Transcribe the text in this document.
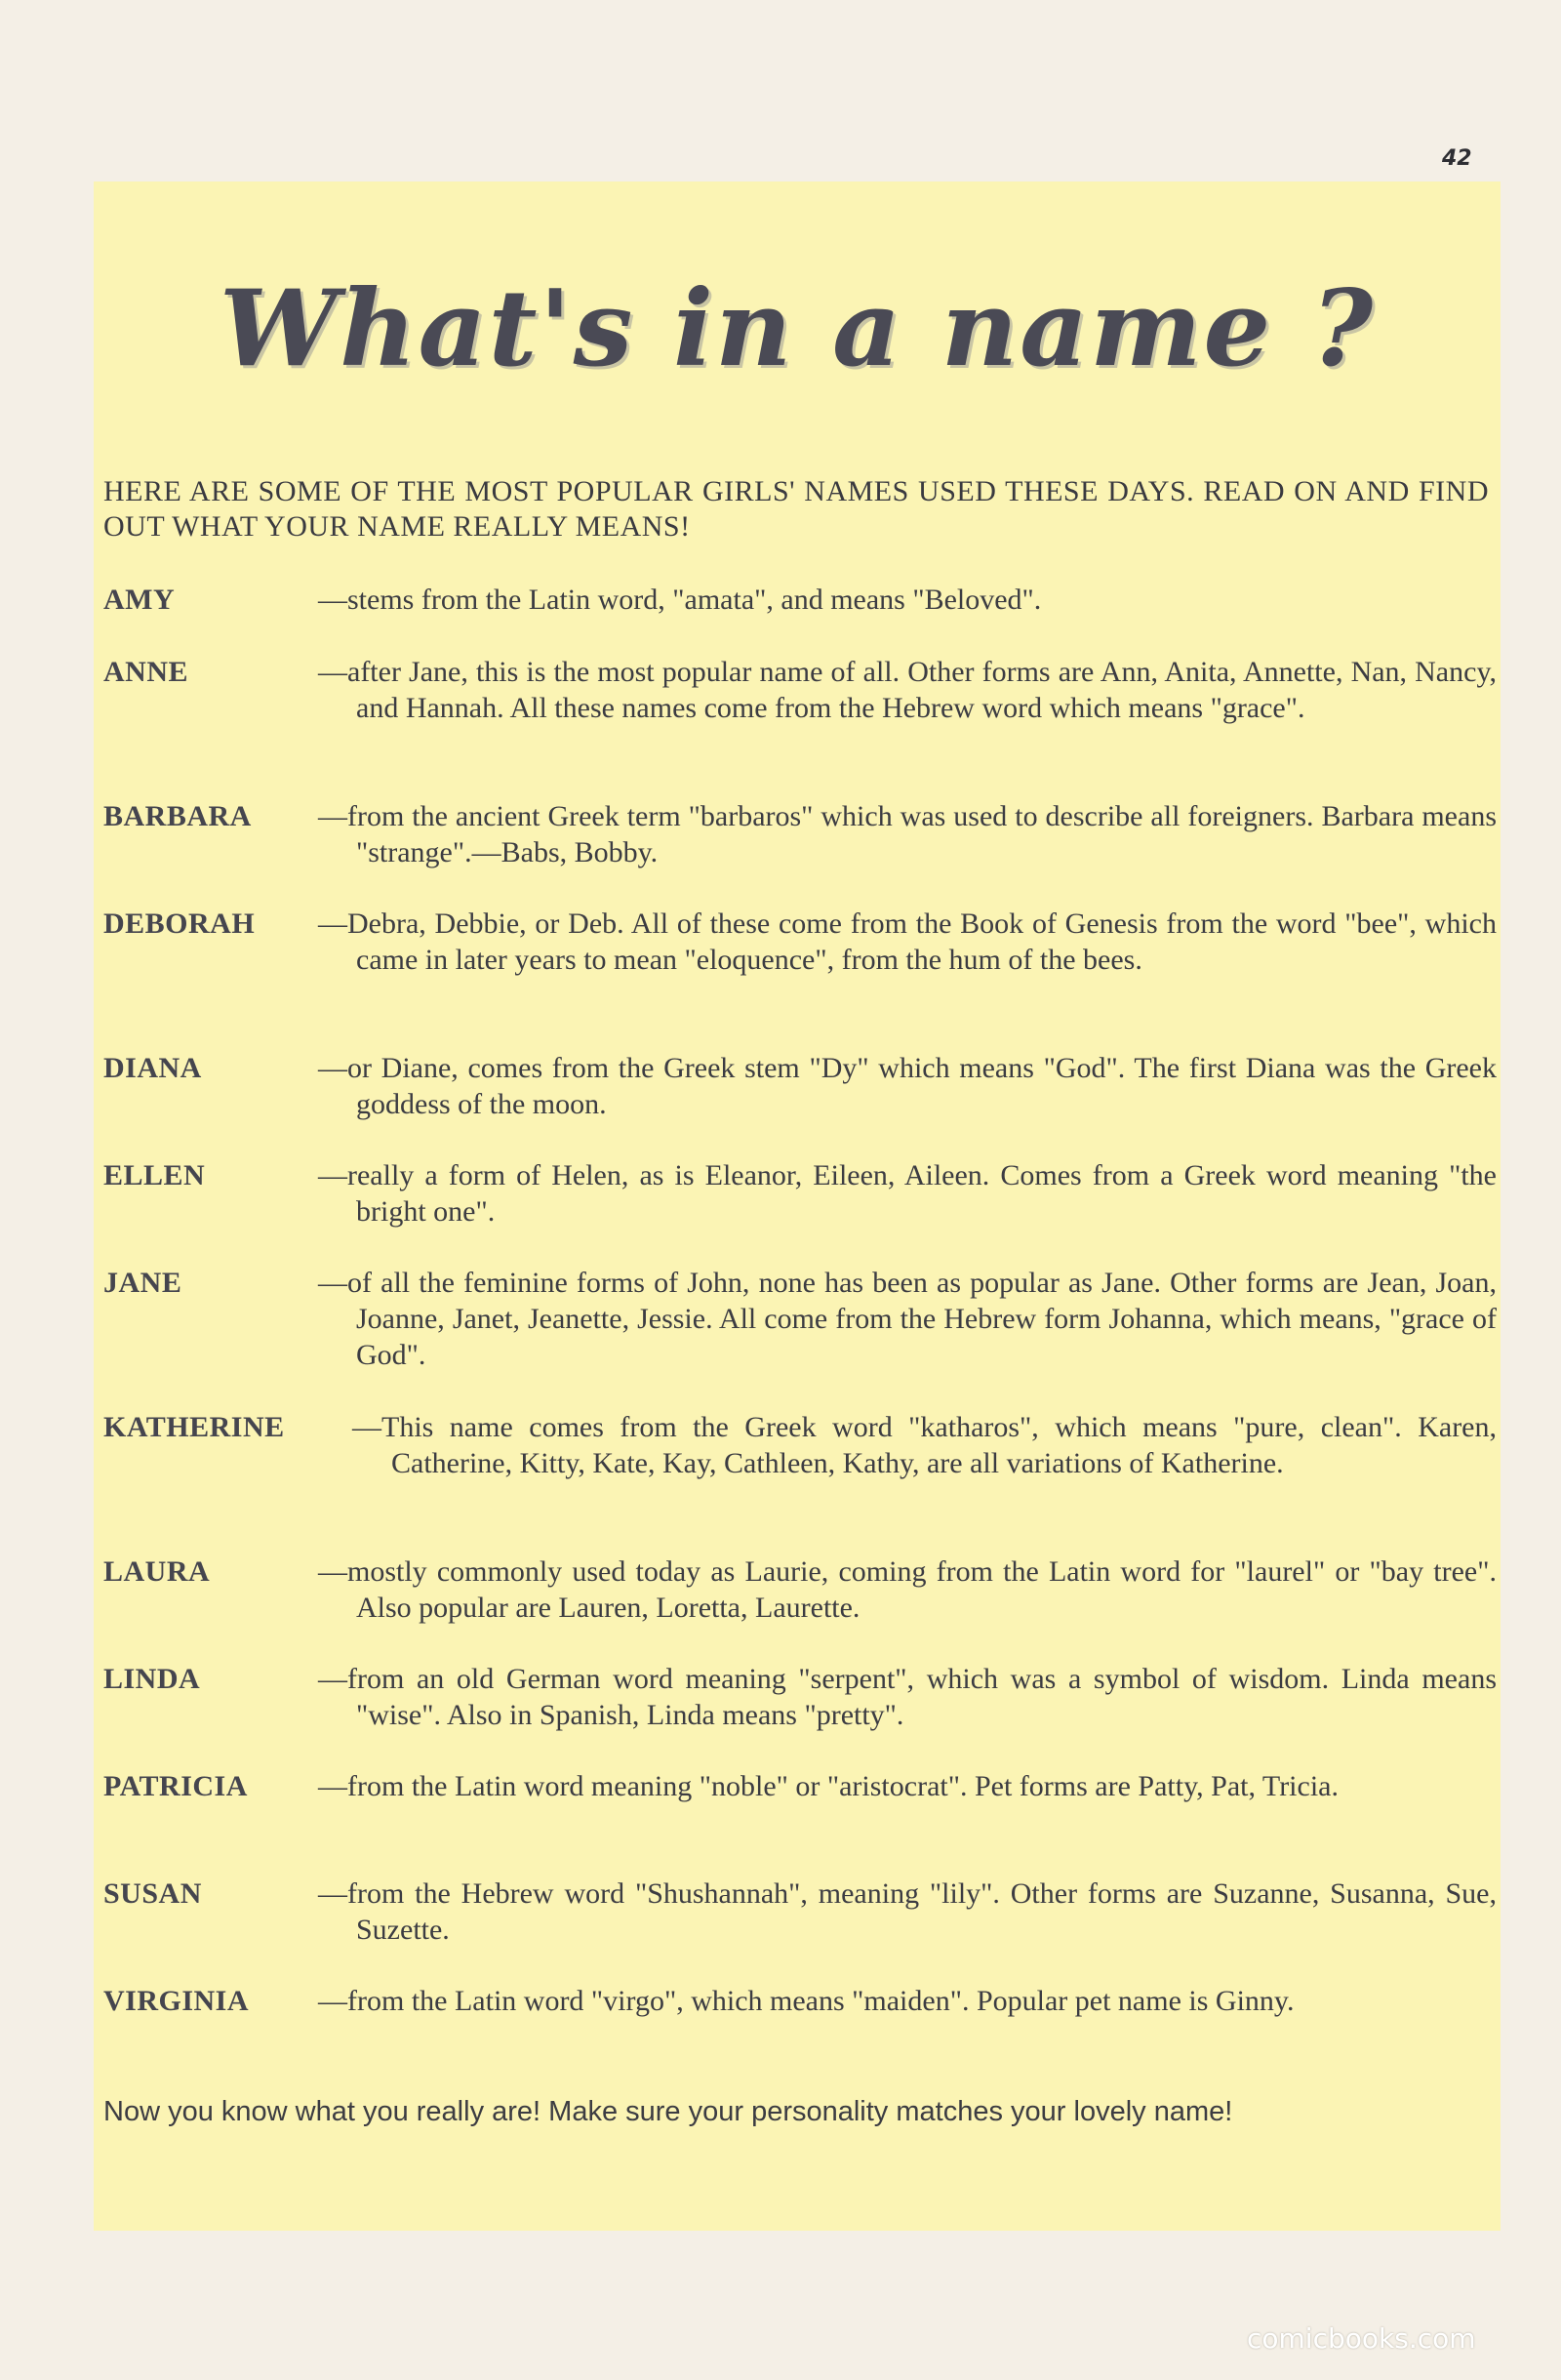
42
What's in a name ?
HERE ARE SOME OF THE MOST POPULAR GIRLS' NAMES USED THESE DAYS. READ ON AND FIND OUT WHAT YOUR NAME REALLY MEANS!
AMY	—stems from the Latin word, "amata", and means "Beloved".
ANNE	—after Jane, this is the most popular name of all. Other forms are Ann, Anita, Annette, Nan, Nancy, and Hannah. All these names come from the Hebrew word which means "grace".
BARBARA —from the ancient Greek term "barbaros" which was used to describe all foreigners. Barbara means "strange".—Babs, Bobby.
DEBORAH —Debra, Debbie, or Deb. All of these come from the Book of Genesis from the word "bee", which came in later years to mean "eloquence", from the hum of the bees.
DIANA	—or Diane, comes from the Greek stem "Dy" which means "God". The first Diana was the Greek goddess of the moon.
ELLEN	—really a form of Helen, as is Eleanor, Eileen, Aileen. Comes from a Greek word meaning "the bright one".
JANE	—of all the feminine forms of John, none has been as popular as Jane. Other forms are Jean, Joan, Joanne, Janet, Jeanette, Jessie. All come from the Hebrew form Johanna, which means, "grace of God".
KATHERINE —This name comes from the Greek word "katharos", which means "pure, clean". Karen, Catherine, Kitty, Kate, Kay, Cathleen, Kathy, are all variations of Katherine.
LAURA	—mostly commonly used today as Laurie, coming from the Latin word for "laurel" or "bay tree". Also popular are Lauren, Loretta, Laurette.
LINDA	—from an old German word meaning "serpent", which was a symbol of wisdom. Linda means "wise". Also in Spanish, Linda means "pretty".
PATRICIA —from the Latin word meaning "noble" or "aristocrat". Pet forms are Patty, Pat, Tricia.
SUSAN	—from the Hebrew word "Shushannah", meaning "lily". Other forms are Suzanne, Susanna, Sue, Suzette.
VIRGINIA —from the Latin word "virgo", which means "maiden". Popular pet name is Ginny.
Now you know what you really are! Make sure your personality matches your lovely name!
comicbooks.com
